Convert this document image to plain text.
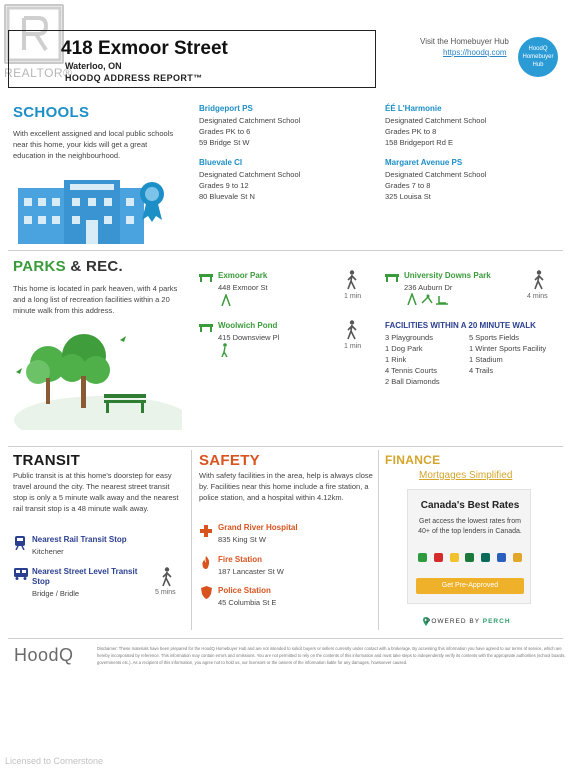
REALTOR®
418 Exmoor Street
Waterloo, ON
HOODQ ADDRESS REPORT™
Visit the Homebuyer Hub
https://hoodq.com	HoodQ Homebuyer Hub
SCHOOLS
With excellent assigned and local public schools near this home, your kids will get a great education in the neighbourhood.
Bridgeport PS
Designated Catchment School
Grades PK to 6
59 Bridge St W
Bluevale CI
Designated Catchment School
Grades 9 to 12
80 Bluevale St N
ÉÉ L'Harmonie
Designated Catchment School
Grades PK to 8
158 Bridgeport Rd E
Margaret Avenue PS
Designated Catchment School
Grades 7 to 8
325 Louisa St
PARKS & REC.
This home is located in park heaven, with 4 parks and a long list of recreation facilities within a 20 minute walk from this address.
Exmoor Park
448 Exmoor St
1 min
University Downs Park
236 Auburn Dr
4 mins
Woolwich Pond
415 Downsview Pl
1 min
FACILITIES WITHIN A 20 MINUTE WALK
3 Playgrounds
1 Dog Park
1 Rink
4 Tennis Courts
2 Ball Diamonds
5 Sports Fields
1 Winter Sports Facility
1 Stadium
4 Trails
TRANSIT
Public transit is at this home's doorstep for easy travel around the city. The nearest street transit stop is only a 5 minute walk away and the nearest rail transit stop is a 48 minute walk away.
Nearest Rail Transit Stop
Kitchener
Nearest Street Level Transit
Stop
Bridge / Bridle	5 mins
SAFETY
With safety facilities in the area, help is always close by. Facilities near this home include a fire station, a police station, and a hospital within 4.12km.
Grand River Hospital
835 King St W
Fire Station
187 Lancaster St W
Police Station
45 Columbia St E
FINANCE
Mortgages Simplified
Canada's Best Rates
Get access the lowest rates from 40+ of the top lenders in Canada.
Get Pre-Approved
POWERED BY PERCH
HoodQ	Disclaimer: These materials have been prepared for the HoodQ Homebuyer Hub and are not intended to solicit buyers or sellers currently under contact with a brokerage. By accessing this information you have agreed to our terms of service, which are hereby incorporated by reference. This information may contain errors and omissions. You are not permitted to rely on the contents of this information and must take steps to independently verify its contents with the appropriate authorities (school boards, governments etc.). As a recipient of this information, you agree not to hold us, our licensors or the owners of the information liable for any damages, howsoever caused.
Licensed to Cornerstone
